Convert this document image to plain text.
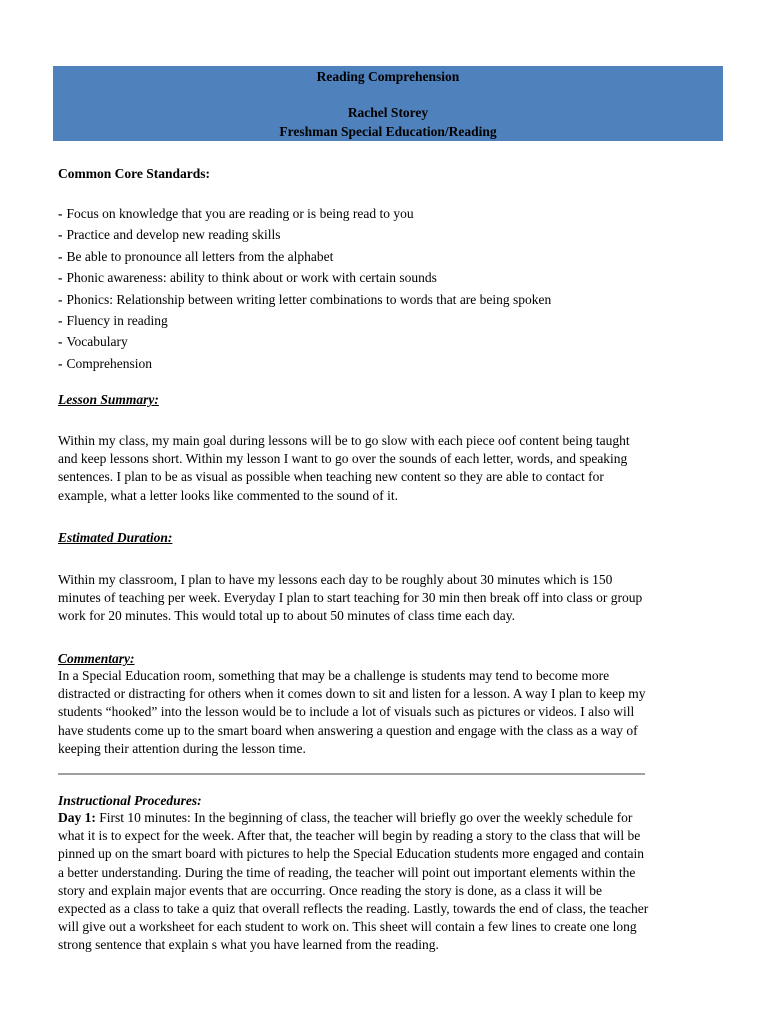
Reading Comprehension
Rachel Storey
Freshman Special Education/Reading
Common Core Standards:
- Focus on knowledge that you are reading or is being read to you
- Practice and develop new reading skills
- Be able to pronounce all letters from the alphabet
- Phonic awareness: ability to think about or work with certain sounds
- Phonics: Relationship between writing letter combinations to words that are being spoken
- Fluency in reading
- Vocabulary
- Comprehension
Lesson Summary:
Within my class, my main goal during lessons will be to go slow with each piece oof content being taught
and keep lessons short. Within my lesson I want to go over the sounds of each letter, words, and speaking
sentences. I plan to be as visual as possible when teaching new content so they are able to contact for
example, what a letter looks like commented to the sound of it.
Estimated Duration:
Within my classroom, I plan to have my lessons each day to be roughly about 30 minutes which is 150
minutes of teaching per week. Everyday I plan to start teaching for 30 min then break off into class or group
work for 20 minutes. This would total up to about 50 minutes of class time each day.
Commentary:
In a Special Education room, something that may be a challenge is students may tend to become more
distracted or distracting for others when it comes down to sit and listen for a lesson. A way I plan to keep my
students “hooked” into the lesson would be to include a lot of visuals such as pictures or videos. I also will
have students come up to the smart board when answering a question and engage with the class as a way of
keeping their attention during the lesson time.
Instructional Procedures:
Day 1: First 10 minutes: In the beginning of class, the teacher will briefly go over the weekly schedule for
what it is to expect for the week. After that, the teacher will begin by reading a story to the class that will be
pinned up on the smart board with pictures to help the Special Education students more engaged and contain
a better understanding. During the time of reading, the teacher will point out important elements within the
story and explain major events that are occurring. Once reading the story is done, as a class it will be
expected as a class to take a quiz that overall reflects the reading. Lastly, towards the end of class, the teacher
will give out a worksheet for each student to work on. This sheet will contain a few lines to create one long
strong sentence that explain s what you have learned from the reading.
